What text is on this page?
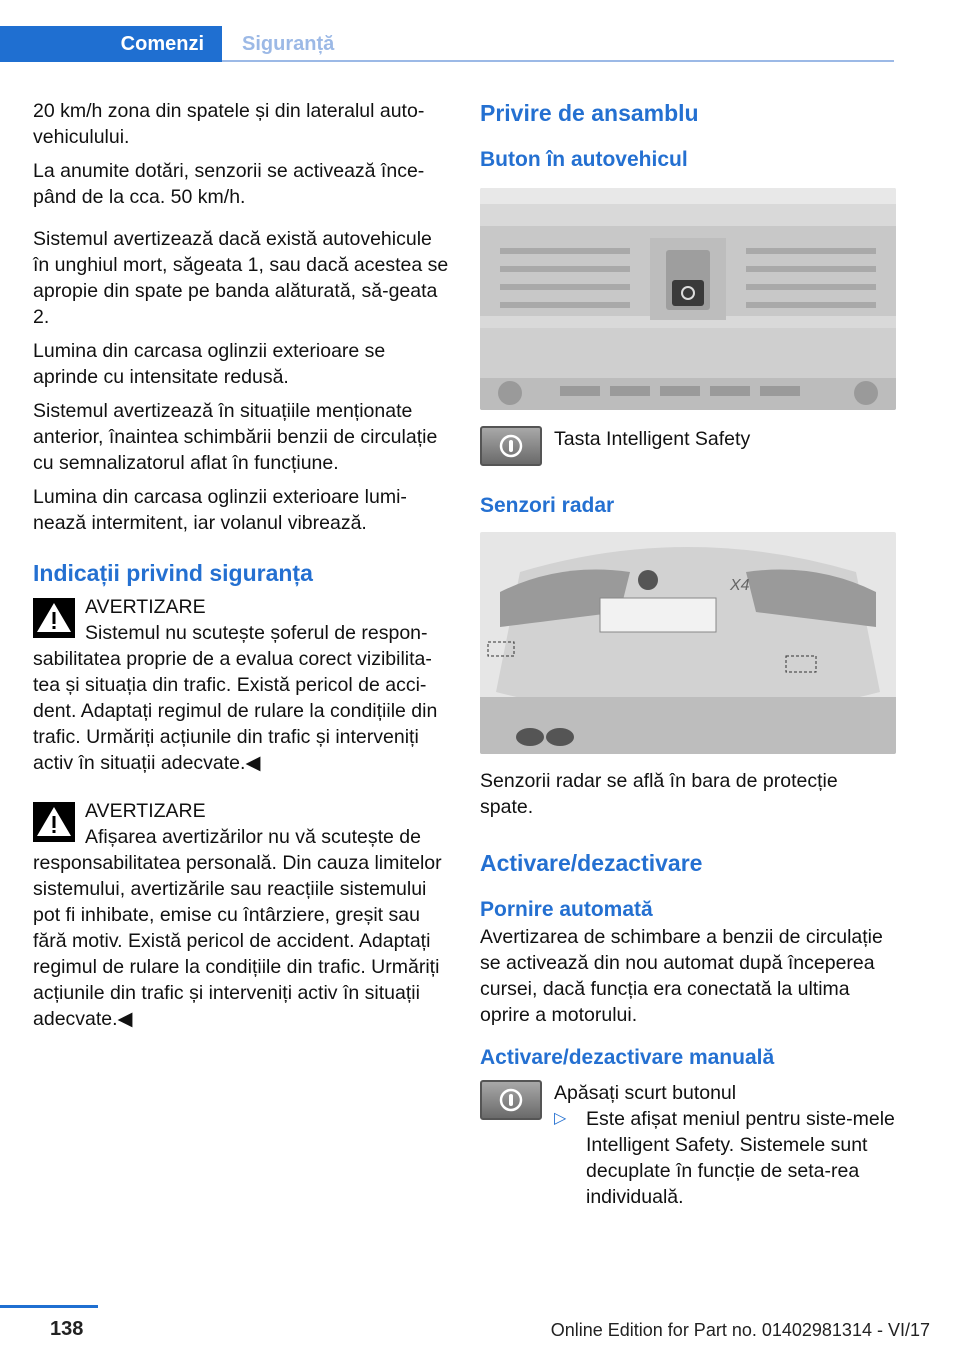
Comenzi	Siguranță

20 km/h zona din spatele și din lateralul auto-vehiculului.

La anumite dotări, senzorii se activează înce-pând de la cca. 50 km/h.

Sistemul avertizează dacă există autovehicule în unghiul mort, săgeata 1, sau dacă acestea se apropie din spate pe banda alăturată, să-geata 2.

Lumina din carcasa oglinzii exterioare se aprinde cu intensitate redusă.

Sistemul avertizează în situațiile menționate anterior, înaintea schimbării benzii de circulație cu semnalizatorul aflat în funcțiune.

Lumina din carcasa oglinzii exterioare lumi-nează intermitent, iar volanul vibrează.

Indicații privind siguranța
AVERTIZARE
Sistemul nu scutește șoferul de respon-sabilitatea proprie de a evalua corect vizibilita-tea și situația din trafic. Există pericol de acci-dent. Adaptați regimul de rulare la condițiile din trafic. Urmăriți acțiunile din trafic și interveniți activ în situații adecvate.◀
AVERTIZARE
Afișarea avertizărilor nu vă scutește de responsabilitatea personală. Din cauza limitelor sistemului, avertizările sau reacțiile sistemului pot fi inhibate, emise cu întârziere, greșit sau fără motiv. Există pericol de accident. Adaptați regimul de rulare la condițiile din trafic. Urmăriți acțiunile din trafic și interveniți activ în situații adecvate.◀
Privire de ansamblu
Buton în autovehicul
Tasta Intelligent Safety
Senzori radar
X4

Senzorii radar se află în bara de protecție spate.

Activare/dezactivare
Pornire automată

Avertizarea de schimbare a benzii de circulație se activează din nou automat după începerea cursei, dacă funcția era conectată la ultima oprire a motorului.

Activare/dezactivare manuală
Apăsați scurt butonul
▷ Este afișat meniul pentru siste-mele Intelligent Safety. Sistemele sunt decuplate în funcție de seta-rea individuală.
138	Online Edition for Part no. 01402981314 - VI/17
